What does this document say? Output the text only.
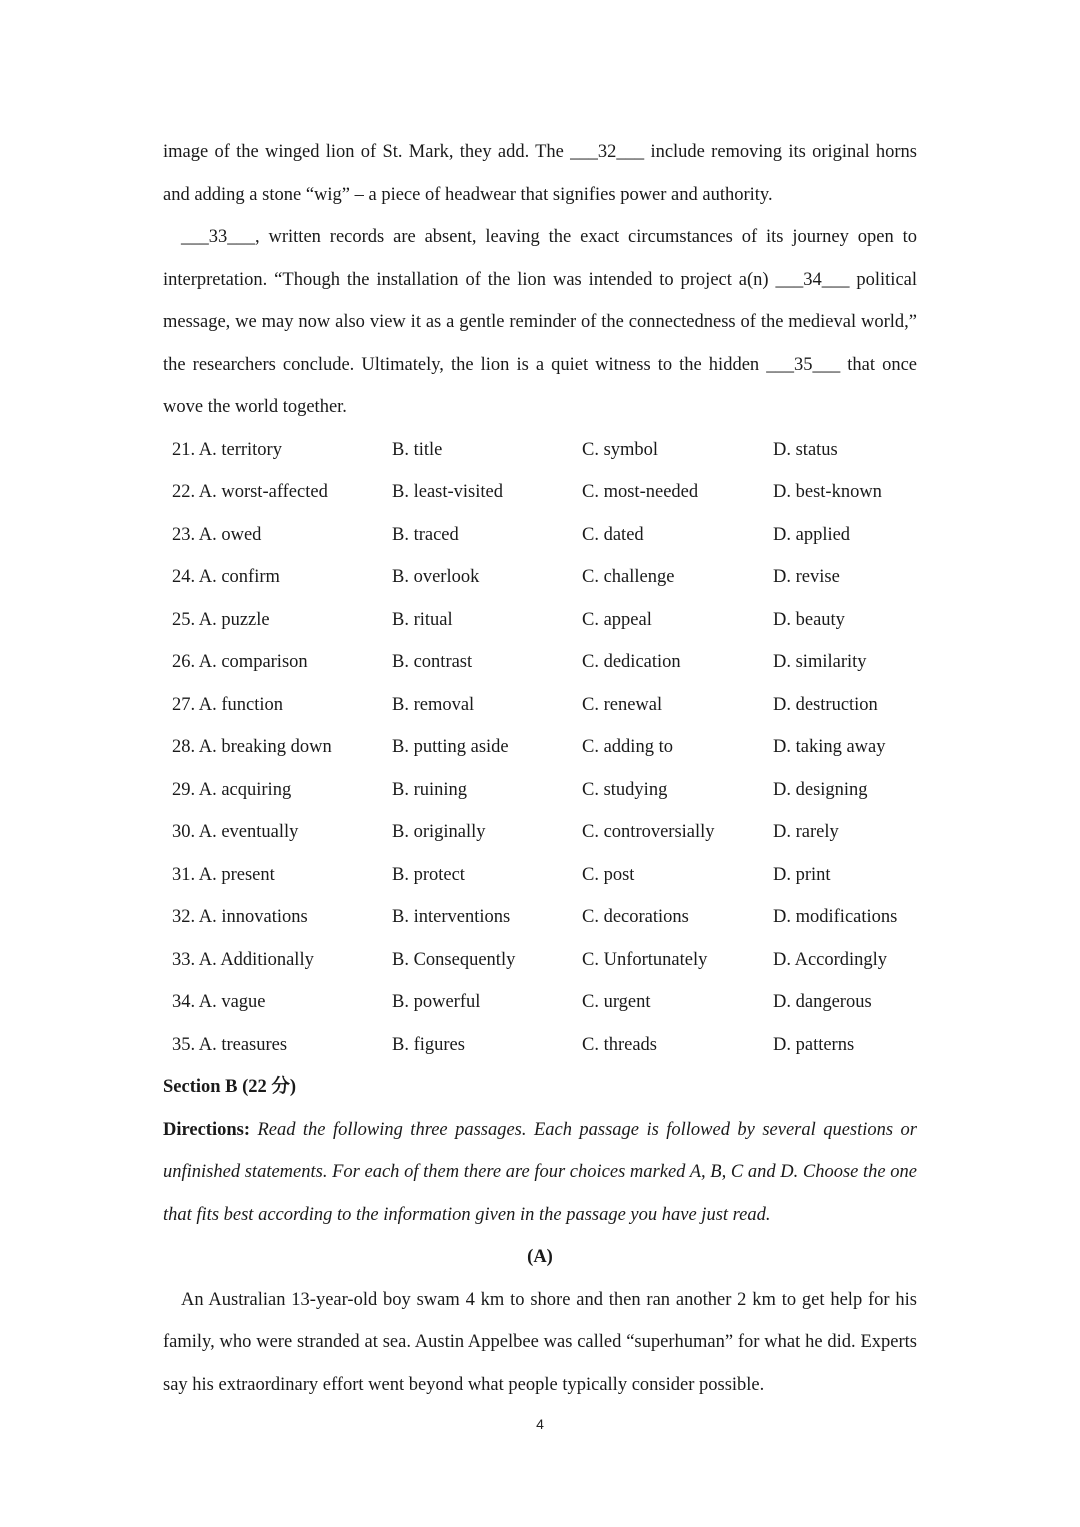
image of the winged lion of St. Mark, they add. The ___32___ include removing its original horns and adding a stone “wig” – a piece of headwear that signifies power and authority.

___33___, written records are absent, leaving the exact circumstances of its journey open to interpretation. “Though the installation of the lion was intended to project a(n) ___34___ political message, we may now also view it as a gentle reminder of the connectedness of the medieval world,” the researchers conclude. Ultimately, the lion is a quiet witness to the hidden ___35___ that once wove the world together.

21. A. territory	B. title	C. symbol	D. status
22. A. worst-affected	B. least-visited	C. most-needed	D. best-known
23. A. owed	B. traced	C. dated	D. applied
24. A. confirm	B. overlook	C. challenge	D. revise
25. A. puzzle	B. ritual	C. appeal	D. beauty
26. A. comparison	B. contrast	C. dedication	D. similarity
27. A. function	B. removal	C. renewal	D. destruction
28. A. breaking down	B. putting aside	C. adding to	D. taking away
29. A. acquiring	B. ruining	C. studying	D. designing
30. A. eventually	B. originally	C. controversially	D. rarely
31. A. present	B. protect	C. post	D. print
32. A. innovations	B. interventions	C. decorations	D. modifications
33. A. Additionally	B. Consequently	C. Unfortunately	D. Accordingly
34. A. vague	B. powerful	C. urgent	D. dangerous
35. A. treasures	B. figures	C. threads	D. patterns

Section B (22 分)

Directions: Read the following three passages. Each passage is followed by several questions or unfinished statements. For each of them there are four choices marked A, B, C and D. Choose the one that fits best according to the information given in the passage you have just read.

(A)

An Australian 13-year-old boy swam 4 km to shore and then ran another 2 km to get help for his family, who were stranded at sea. Austin Appelbee was called “superhuman” for what he did. Experts say his extraordinary effort went beyond what people typically consider possible.

4
